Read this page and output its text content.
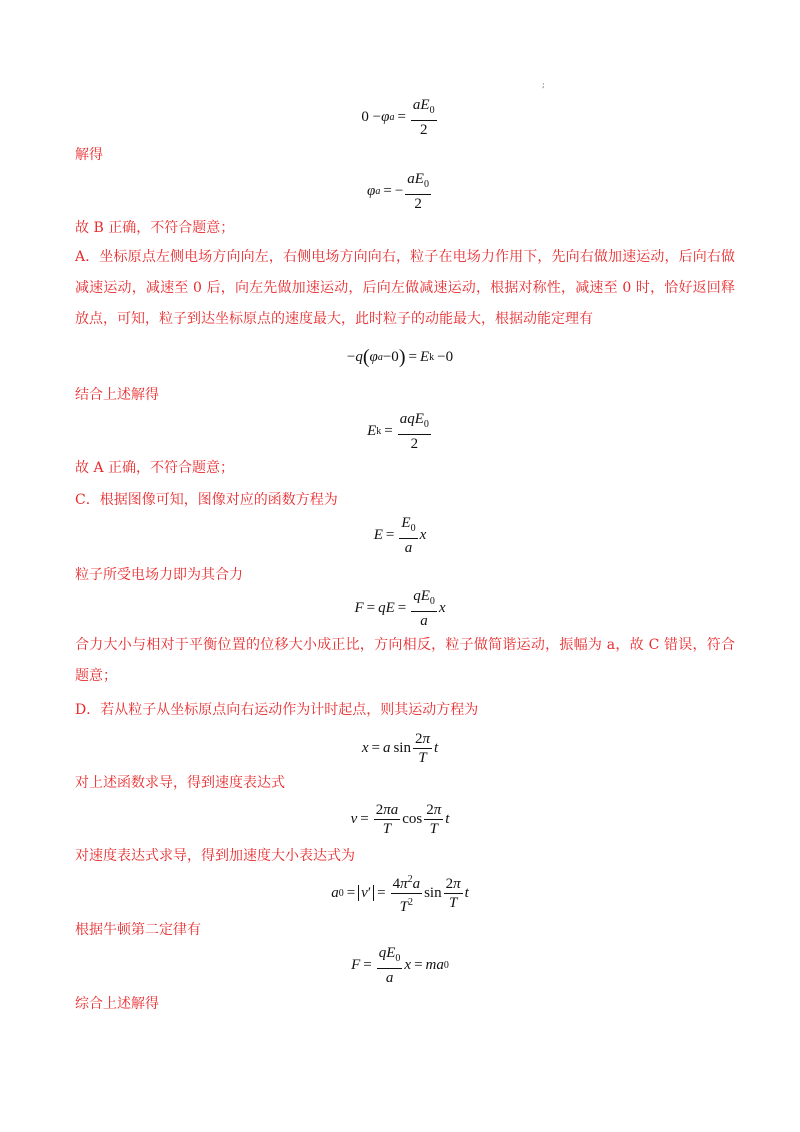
;
0 − φ $a = \frac{aE_0}{2}$
解得
φ a = − $\frac{aE_0}{2}$
故 B 正确，不符合题意；
A．坐标原点左侧电场方向向左，右侧电场方向向右，粒子在电场力作用下，先向右做加速运动，后向右做减速运动，减速至 0 后，向左先做加速运动，后向左做减速运动，根据对称性，减速至 0 时，恰好返回释放点，可知，粒子到达坐标原点的速度最大，此时粒子的动能最大，根据动能定理有
− q ( φ a −0 ) = E k −0
结合上述解得
E $k = \frac{aqE_0}{2}$
故 A 正确，不符合题意；
C．根据图像可知，图像对应的函数方程为
$E = \frac{E_0}{a}$ x
粒子所受电场力即为其合力
F = qE = $\frac{qE_0}{a}$ x
合力大小与相对于平衡位置的位移大小成正比，方向相反，粒子做简谐运动，振幅为 a，故 C 错误，符合题意；
D．若从粒子从坐标原点向右运动作为计时起点，则其运动方程为
x = a $\sin \frac{2\pi}{T}$ t
对上述函数求导，得到速度表达式
$v = \frac{2\pi a}{T}$ $\cos \frac{2\pi}{T}$ t
对速度表达式求导，得到加速度大小表达式为
a $0 = v' = \frac{4\pi^2a}{T^2}$ $\sin \frac{2\pi}{T}$ t
根据牛顿第二定律有
$F = \frac{qE_0}{a}$ x = ma 0
综合上述解得
